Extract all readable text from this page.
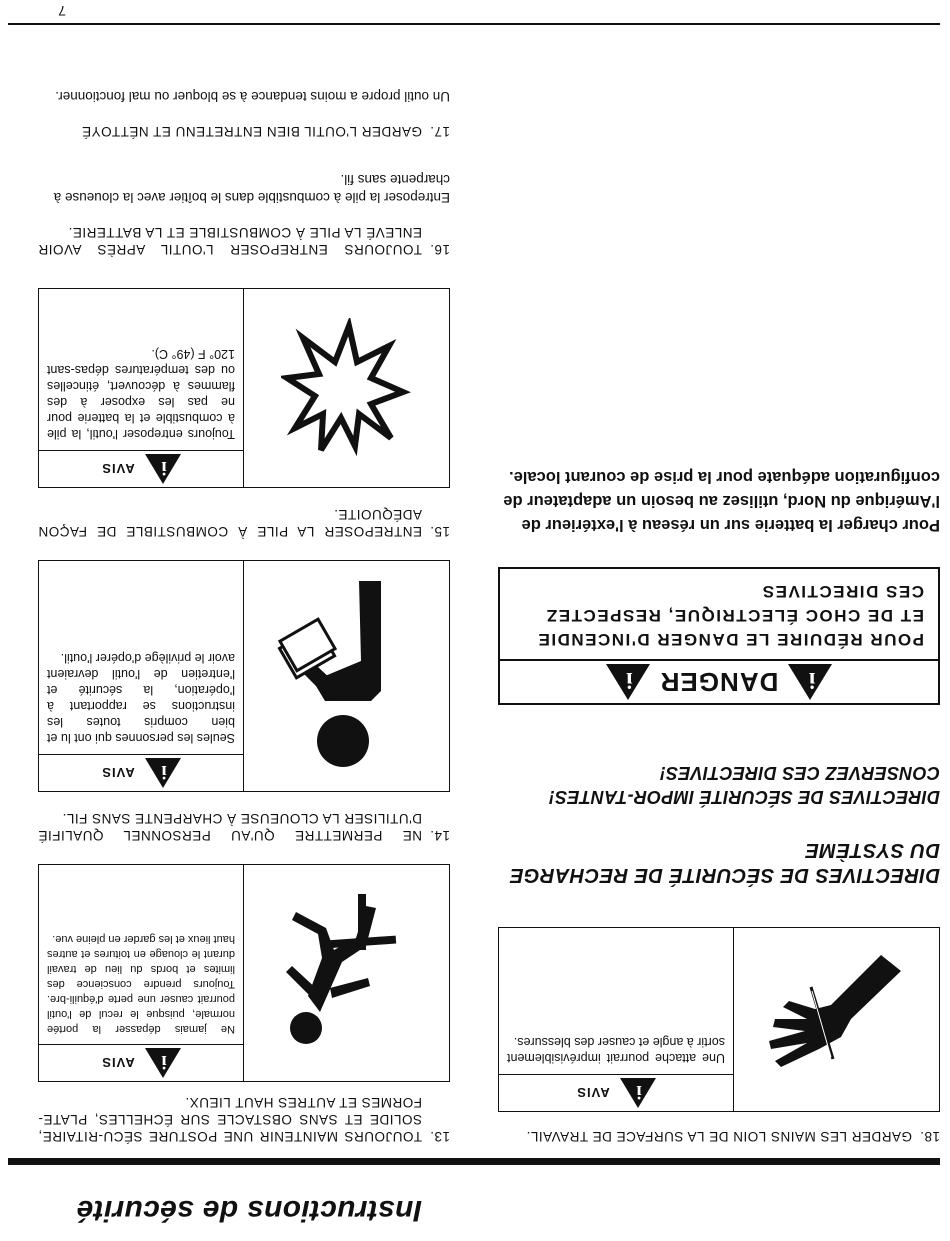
Instructions de sécurité
18.GARDER LES MAINS LOIN DE LA SURFACE DE TRAVAIL.
i
AVIS
Une attache pourrait imprévisiblement sortir à angle et causer des blessures.
DIRECTIVES DE SÉCURITÉ DE RECHARGE DU SYSTÈME
DIRECTIVES DE SÉCURITÉ IMPOR-TANTES! CONSERVEZ CES DIRECTIVES!
i
DANGER
i
POUR RÉDUIRE LE DANGER D'INCENDIE ET DE CHOC ÉLECTRIQUE, RESPECTEZ CES DIRECTIVES
Pour charger la batterie sur un réseau à l'extérieur de l'Amérique du Nord, utilisez au besoin un adaptateur de configuration adéquate pour la prise de courant locale.
13.TOUJOURS MAINTENIR UNE POSTURE SÉCU-RITAIRE, SOLIDE ET SANS OBSTACLE SUR ÉCHELLES, PLATE-FORMES ET AUTRES HAUT LIEUX.
i
AVIS
Ne jamais dépasser la portée normale, puisque le recul de l'outil pourrait causer une perte d'équili-bre. Toujours prendre conscience des limites et bords du lieu de travail durant le clouage en toitures et autres haut lieux et les garder en pleine vue.
14.NE PERMETTRE QU'AU PERSONNEL QUALIFIÉ D'UTILISER LA CLOUEUSE À CHARPENTE SANS FIL.
i
AVIS
Seules les personnes qui ont lu et bien compris toutes les instructions se rapportant à l'opération, la sécurité et l'entretien de l'outil devraient avoir le privilège d'opérer l'outil.
15.ENTREPOSER LA PILE À COMBUSTIBLE DE FAÇON ADÉQUOITE.
i
AVIS
Toujours entreposer l'outil, la pile à combustible et la batterie pour ne pas les exposer à des flammes à découvert, étincelles ou des températures dépas-sant 120° F (49° C).
16.TOUJOURS ENTREPOSER L'OUTIL APRÈS AVOIR ENLEVÉ LA PILE À COMBUSTIBLE ET LA BATTERIE.
Entreposer la pile à combustible dans le boîtier avec la cloueuse à charpente sans fil.
17.GARDER L'OUTIL BIEN ENTRETENU ET NÉTTOYÉ
Un outil propre a moins tendance à se bloquer ou mal fonctionner.
7
